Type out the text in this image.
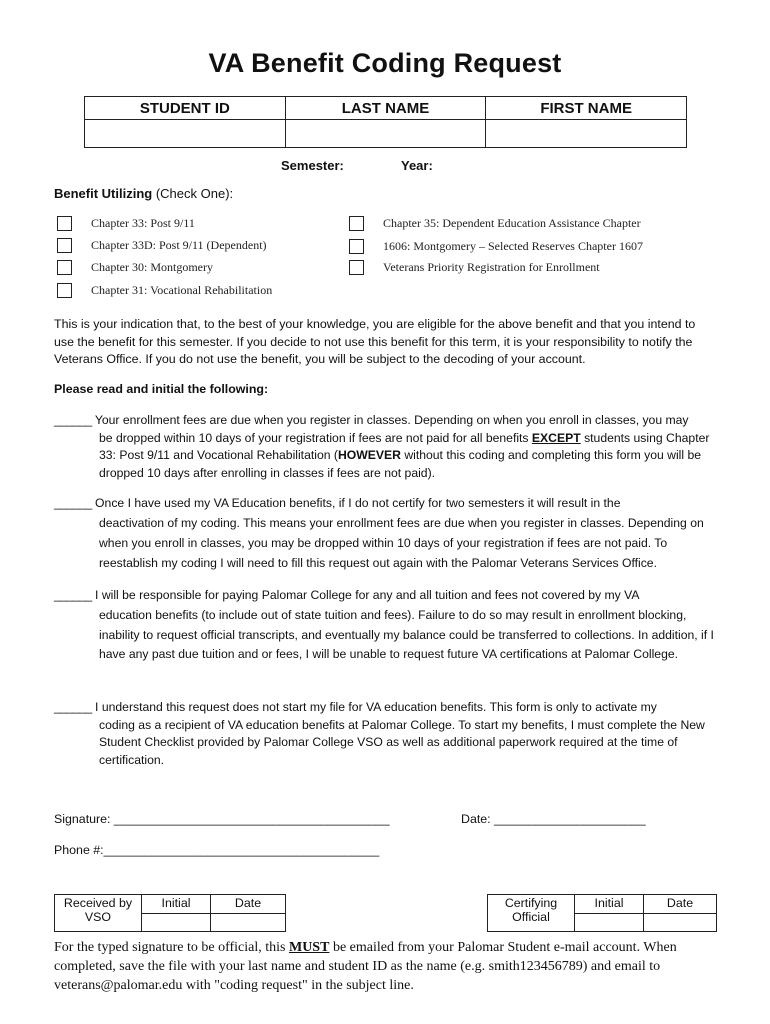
VA Benefit Coding Request
STUDENT ID	LAST NAME	FIRST NAME

Semester:	Year:
Benefit Utilizing (Check One):
Chapter 33: Post 9/11
Chapter 33D: Post 9/11 (Dependent)
Chapter 30: Montgomery
Chapter 31: Vocational Rehabilitation
Chapter 35: Dependent Education Assistance Chapter
1606: Montgomery – Selected Reserves Chapter 1607
Veterans Priority Registration for Enrollment
This is your indication that, to the best of your knowledge, you are eligible for the above benefit and that you intend to use the benefit for this semester. If you decide to not use this benefit for this term, it is your responsibility to notify the Veterans Office. If you do not use the benefit, you will be subject to the decoding of your account.
Please read and initial the following:
______ Your enrollment fees are due when you register in classes. Depending on when you enroll in classes, you may
be dropped within 10 days of your registration if fees are not paid for all benefits EXCEPT students using Chapter 33: Post 9/11 and Vocational Rehabilitation (HOWEVER without this coding and completing this form you will be dropped 10 days after enrolling in classes if fees are not paid).
______ Once I have used my VA Education benefits, if I do not certify for two semesters it will result in the
deactivation of my coding. This means your enrollment fees are due when you register in classes. Depending on when you enroll in classes, you may be dropped within 10 days of your registration if fees are not paid. To reestablish my coding I will need to fill this request out again with the Palomar Veterans Services Office.
______ I will be responsible for paying Palomar College for any and all tuition and fees not covered by my VA
education benefits (to include out of state tuition and fees). Failure to do so may result in enrollment blocking, inability to request official transcripts, and eventually my balance could be transferred to collections. In addition, if I have any past due tuition and or fees, I will be unable to request future VA certifications at Palomar College.
______ I understand this request does not start my file for VA education benefits. This form is only to activate my
coding as a recipient of VA education benefits at Palomar College. To start my benefits, I must complete the New Student Checklist provided by Palomar College VSO as well as additional paperwork required at the time of certification.
Signature: ________________________________________	Date: ______________________
Phone #:________________________________________
Received by VSO	Initial	Date
		Certifying Official	Initial	Date

For the typed signature to be official, this MUST be emailed from your Palomar Student e-mail account. When completed, save the file with your last name and student ID as the name (e.g. smith123456789) and email to veterans@palomar.edu with "coding request" in the subject line.
